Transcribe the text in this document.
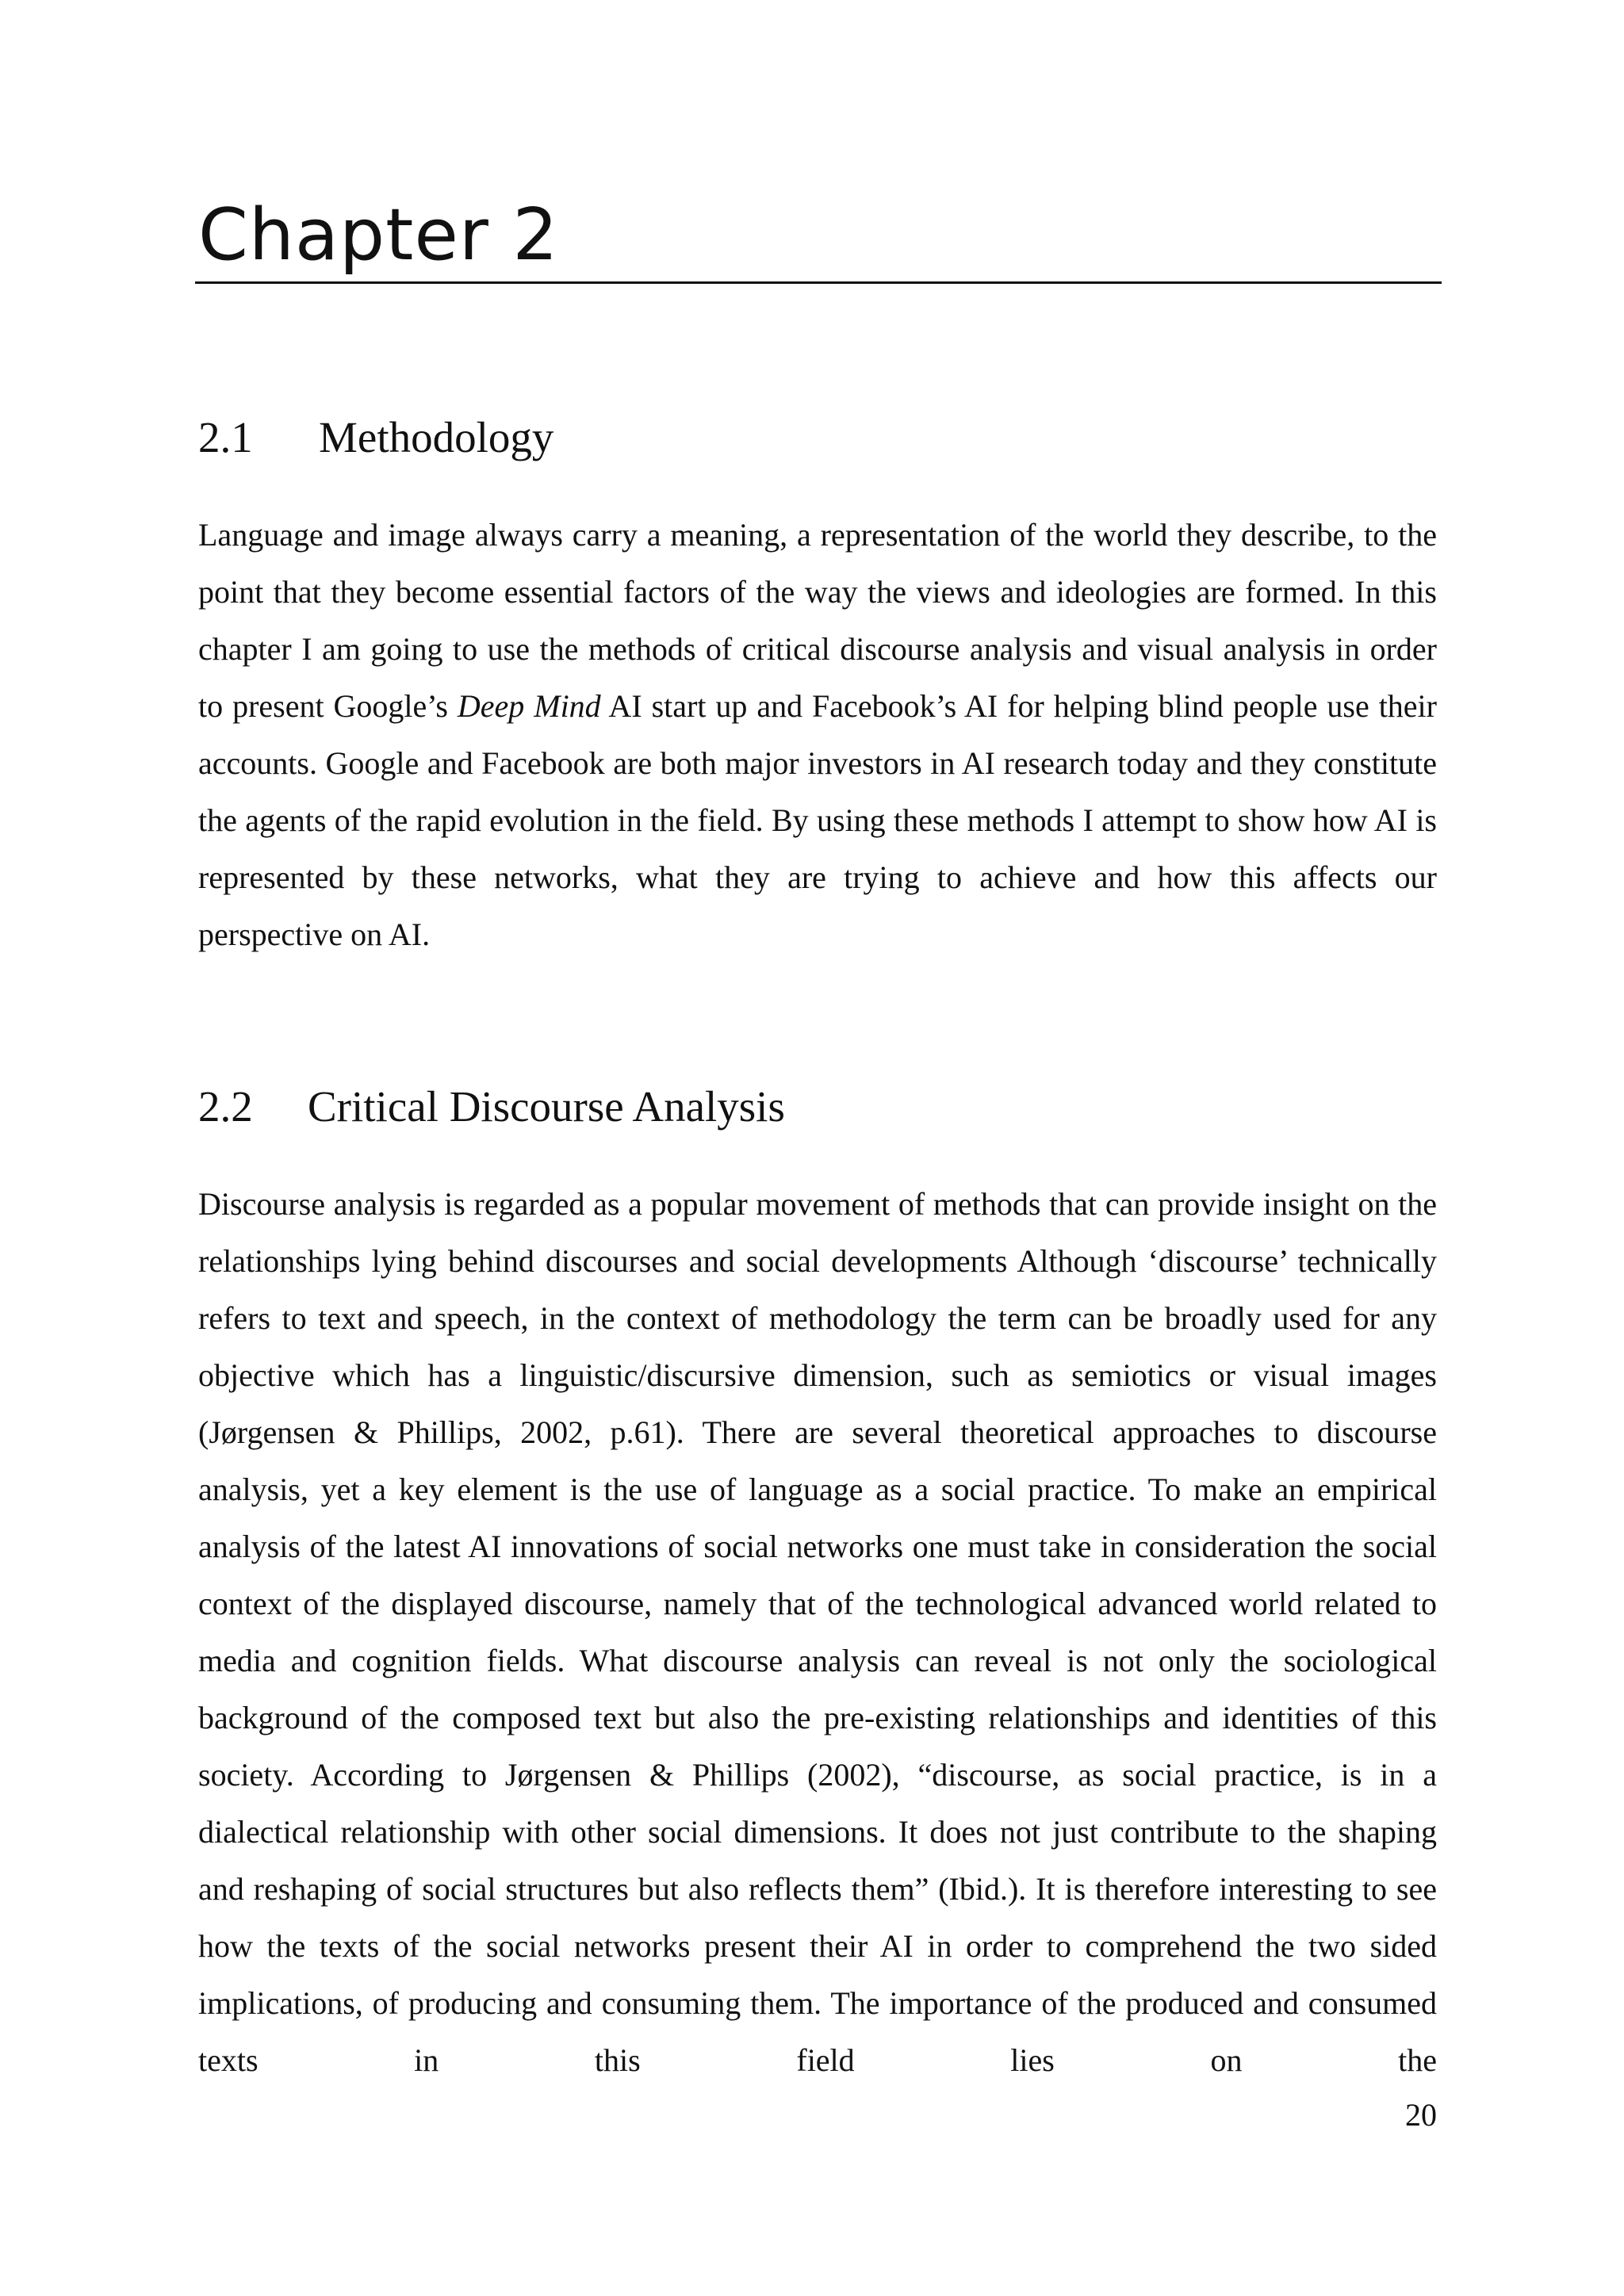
Chapter 2
2.1 Methodology

Language and image always carry a meaning, a representation of the world they describe, to the point that they become essential factors of the way the views and ideologies are formed. In this chapter I am going to use the methods of critical discourse analysis and visual analysis in order to present Google’s Deep Mind AI start up and Facebook’s AI for helping blind people use their accounts. Google and Facebook are both major investors in AI research today and they constitute the agents of the rapid evolution in the field. By using these methods I attempt to show how AI is represented by these networks, what they are trying to achieve and how this affects our perspective on AI.

2.2 Critical Discourse Analysis

Discourse analysis is regarded as a popular movement of methods that can provide insight on the relationships lying behind discourses and social developments Although ‘discourse’ technically refers to text and speech, in the context of methodology the term can be broadly used for any objective which has a linguistic/discursive dimension, such as semiotics or visual images (Jørgensen & Phillips, 2002, p.61). There are several theoretical approaches to discourse analysis, yet a key element is the use of language as a social practice. To make an empirical analysis of the latest AI innovations of social networks one must take in consideration the social context of the displayed discourse, namely that of the technological advanced world related to media and cognition fields. What discourse analysis can reveal is not only the sociological background of the composed text but also the pre-existing relationships and identities of this society. According to Jørgensen & Phillips (2002), “discourse, as social practice, is in a dialectical relationship with other social dimensions. It does not just contribute to the shaping and reshaping of social structures but also reflects them” (Ibid.). It is therefore interesting to see how the texts of the social networks present their AI in order to comprehend the two sided implications, of producing and consuming them. The importance of the produced and consumed texts in this field lies on the

20
